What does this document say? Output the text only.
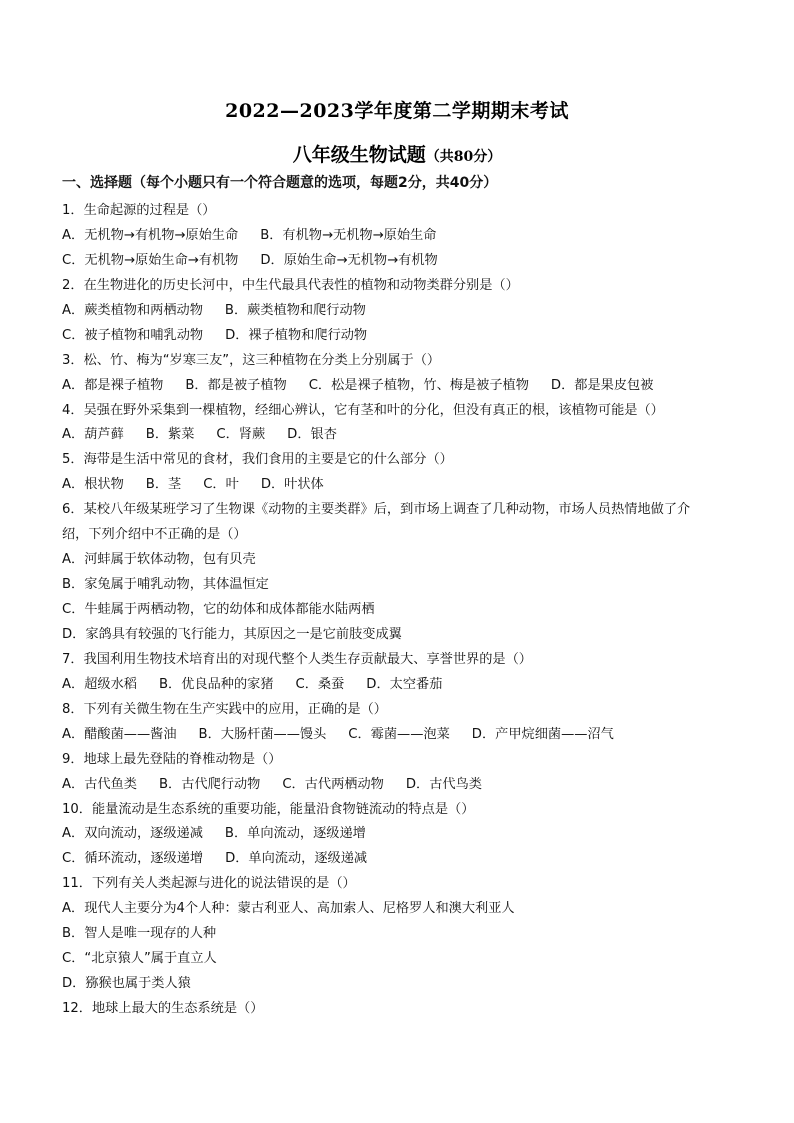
2022—2023学年度第二学期期末考试
八年级生物试题（共80分）
一、选择题（每个小题只有一个符合题意的选项，每题2分，共40分）
1．生命起源的过程是（）
A．无机物→有机物→原始生命 B．有机物→无机物→原始生命
C．无机物→原始生命→有机物 D．原始生命→无机物→有机物
2．在生物进化的历史长河中，中生代最具代表性的植物和动物类群分别是（）
A．蕨类植物和两栖动物 B．蕨类植物和爬行动物
C．被子植物和哺乳动物 D．裸子植物和爬行动物
3．松、竹、梅为“岁寒三友”，这三种植物在分类上分别属于（）
A．都是裸子植物 B．都是被子植物 C．松是裸子植物，竹、梅是被子植物 D．都是果皮包被
4．吴强在野外采集到一棵植物，经细心辨认，它有茎和叶的分化，但没有真正的根，该植物可能是（）
A．葫芦藓 B．紫菜 C．肾蕨 D．银杏
5．海带是生活中常见的食材，我们食用的主要是它的什么部分（）
A．根状物 B．茎 C．叶 D．叶状体
6．某校八年级某班学习了生物课《动物的主要类群》后，到市场上调查了几种动物，市场人员热情地做了介
绍，下列介绍中不正确的是（）
A．河蚌属于软体动物，包有贝壳
B．家兔属于哺乳动物，其体温恒定
C．牛蛙属于两栖动物，它的幼体和成体都能水陆两栖
D．家鸽具有较强的飞行能力，其原因之一是它前肢变成翼
7．我国利用生物技术培育出的对现代整个人类生存贡献最大、享誉世界的是（）
A．超级水稻 B．优良品种的家猪 C．桑蚕 D．太空番茄
8．下列有关微生物在生产实践中的应用，正确的是（）
A．醋酸菌——酱油 B．大肠杆菌——馒头 C．霉菌——泡菜 D．产甲烷细菌——沼气
9．地球上最先登陆的脊椎动物是（）
A．古代鱼类 B．古代爬行动物 C．古代两栖动物 D．古代鸟类
10．能量流动是生态系统的重要功能，能量沿食物链流动的特点是（）
A．双向流动，逐级递减 B．单向流动，逐级递增
C．循环流动，逐级递增 D．单向流动，逐级递减
11．下列有关人类起源与进化的说法错误的是（）
A．现代人主要分为4个人种：蒙古利亚人、高加索人、尼格罗人和澳大利亚人
B．智人是唯一现存的人种
C．“北京猿人”属于直立人
D．猕猴也属于类人猿
12．地球上最大的生态系统是（）
